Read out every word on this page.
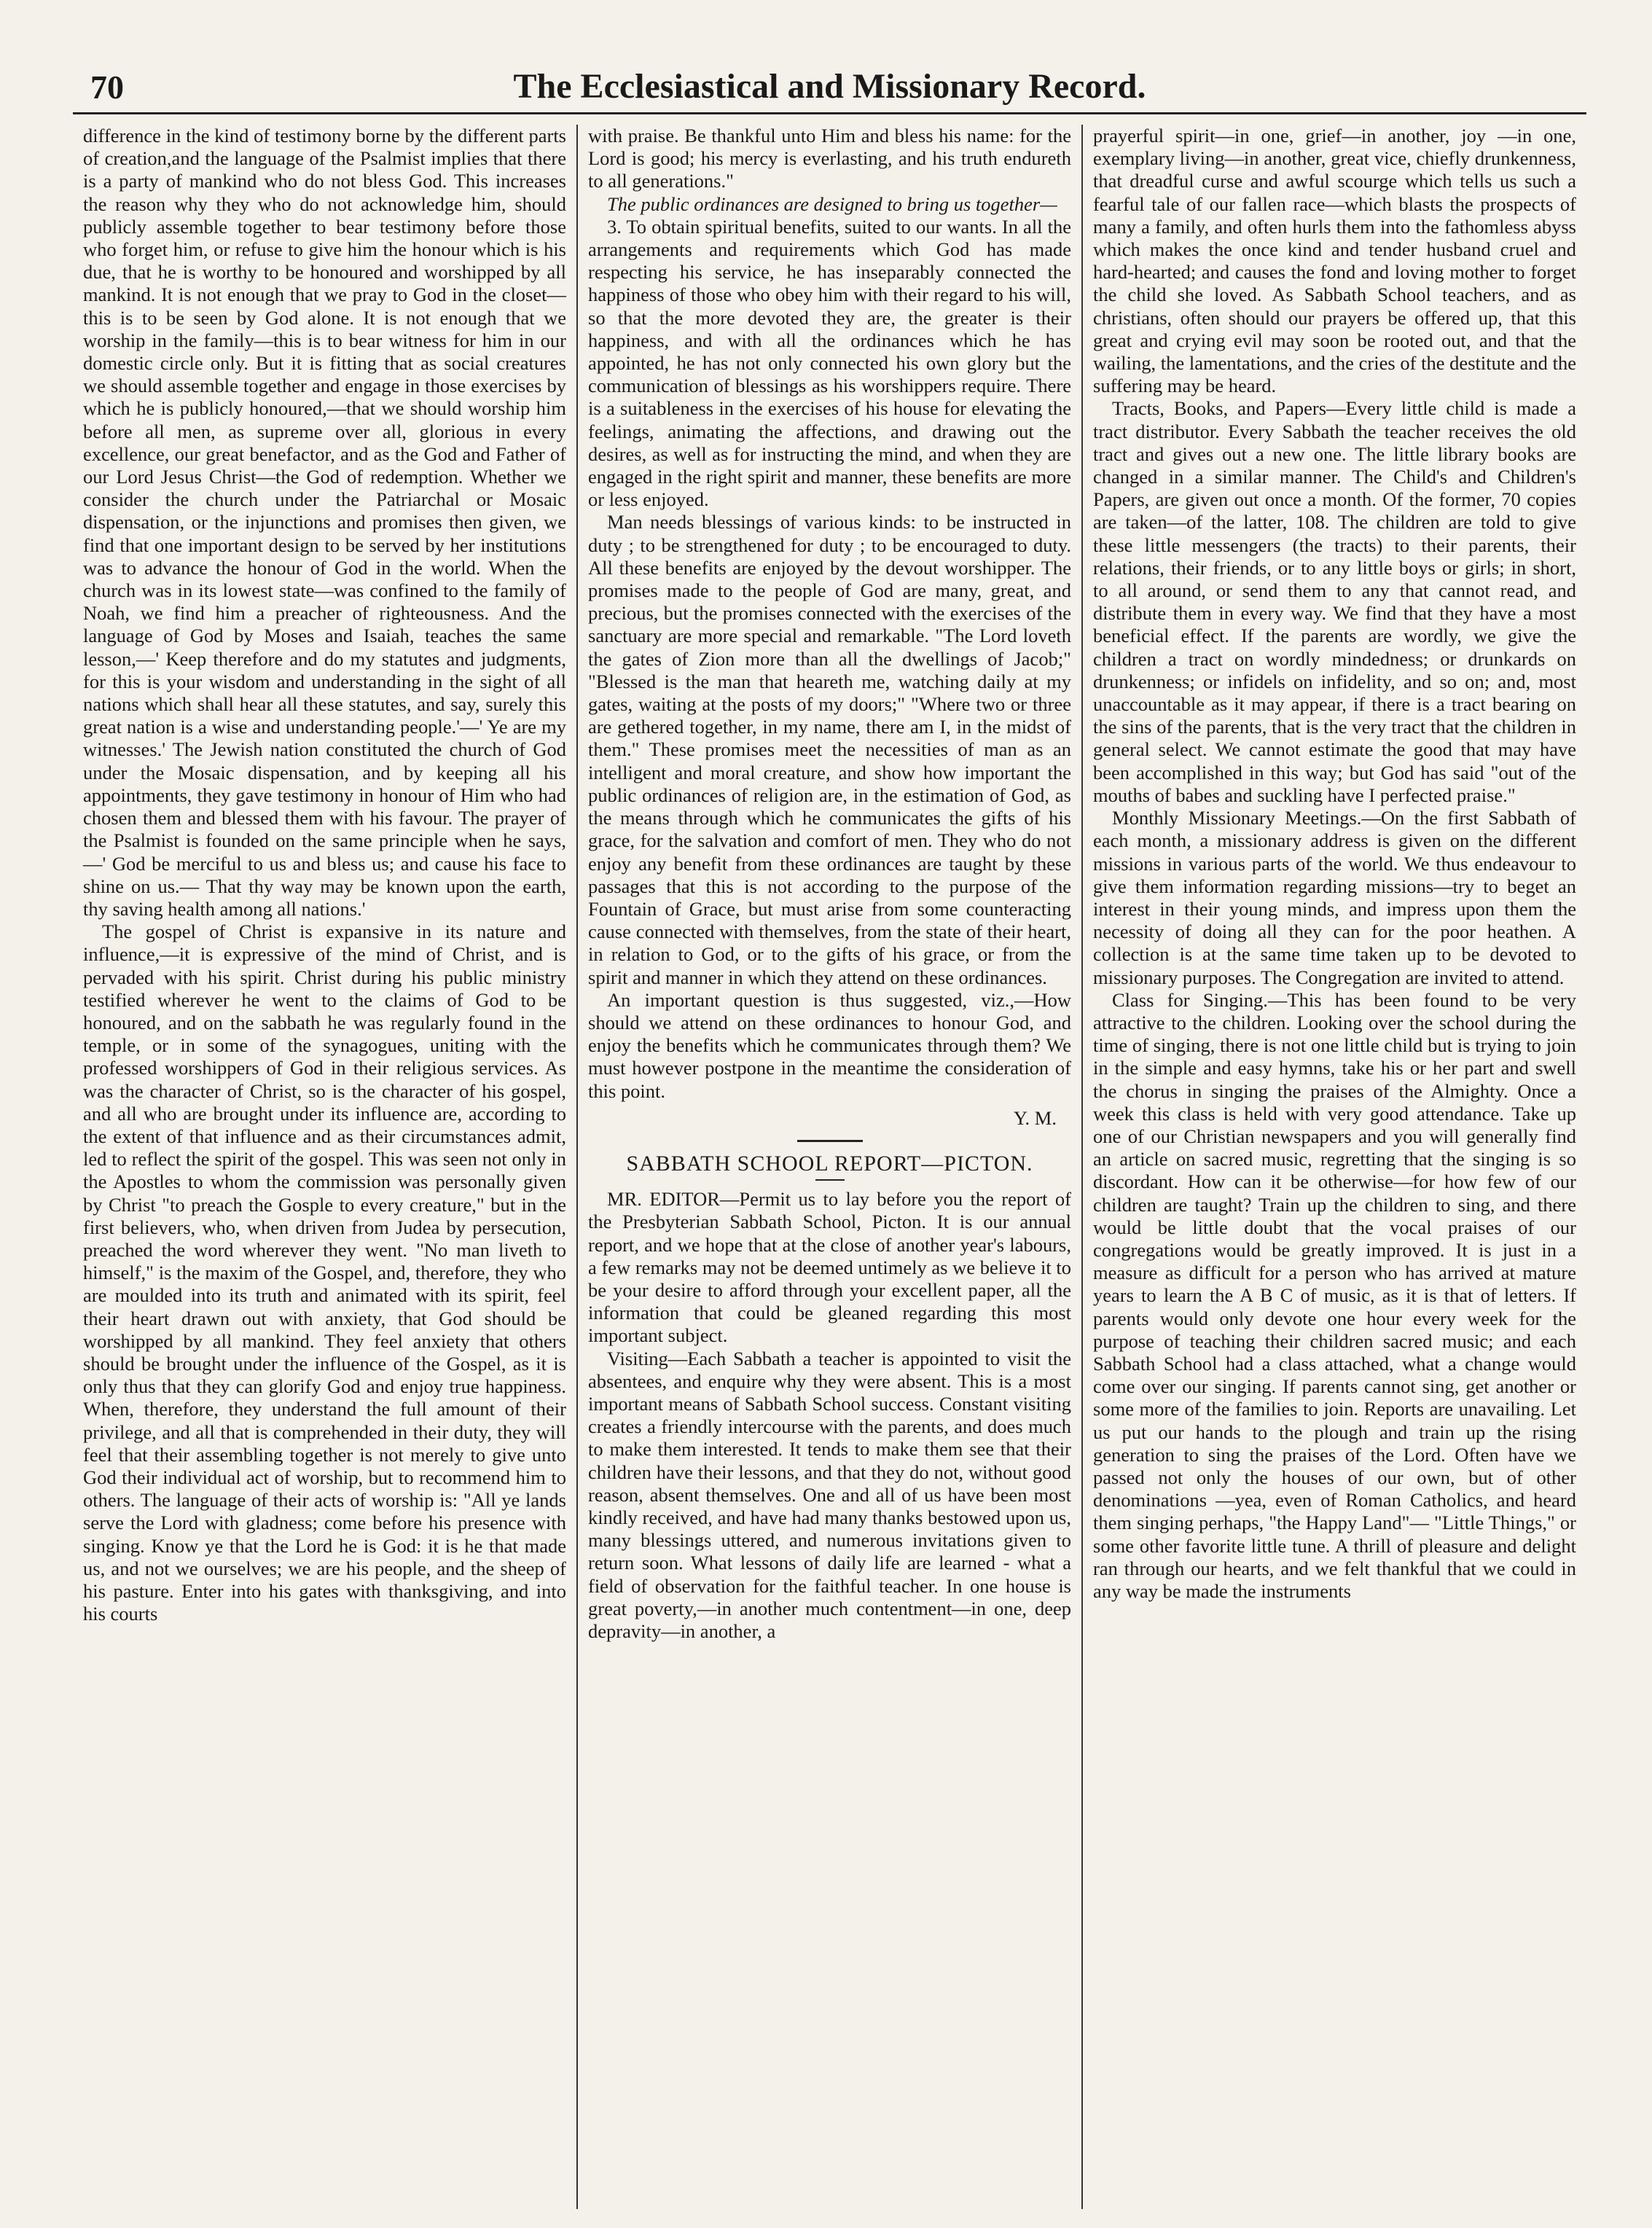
70	The Ecclesiastical and Missionary Record.

difference in the kind of testimony borne by the different parts of creation,and the language of the Psalmist implies that there is a party of mankind who do not bless God. This increases the reason why they who do not acknowledge him, should publicly assemble together to bear testimony before those who forget him, or refuse to give him the honour which is his due, that he is worthy to be honoured and worshipped by all mankind. It is not enough that we pray to God in the closet—this is to be seen by God alone. It is not enough that we worship in the family—this is to bear witness for him in our domestic circle only. But it is fitting that as social creatures we should assemble together and engage in those exercises by which he is publicly honoured,—that we should worship him before all men, as supreme over all, glorious in every excellence, our great benefactor, and as the God and Father of our Lord Jesus Christ—the God of redemption. Whether we consider the church under the Patriarchal or Mosaic dispensation, or the injunctions and promises then given, we find that one important design to be served by her institutions was to advance the honour of God in the world. When the church was in its lowest state—was confined to the family of Noah, we find him a preacher of righteousness. And the language of God by Moses and Isaiah, teaches the same lesson,—' Keep therefore and do my statutes and judgments, for this is your wisdom and understanding in the sight of all nations which shall hear all these statutes, and say, surely this great nation is a wise and understanding people.'—' Ye are my witnesses.' The Jewish nation constituted the church of God under the Mosaic dispensation, and by keeping all his appointments, they gave testimony in honour of Him who had chosen them and blessed them with his favour. The prayer of the Psalmist is founded on the same principle when he says,—' God be merciful to us and bless us; and cause his face to shine on us.— That thy way may be known upon the earth, thy saving health among all nations.'

The gospel of Christ is expansive in its nature and influence,—it is expressive of the mind of Christ, and is pervaded with his spirit. Christ during his public ministry testified wherever he went to the claims of God to be honoured, and on the sabbath he was regularly found in the temple, or in some of the synagogues, uniting with the professed worshippers of God in their religious services. As was the character of Christ, so is the character of his gospel, and all who are brought under its influence are, according to the extent of that influence and as their circumstances admit, led to reflect the spirit of the gospel. This was seen not only in the Apostles to whom the commission was personally given by Christ "to preach the Gosple to every creature," but in the first believers, who, when driven from Judea by persecution, preached the word wherever they went. "No man liveth to himself," is the maxim of the Gospel, and, therefore, they who are moulded into its truth and animated with its spirit, feel their heart drawn out with anxiety, that God should be worshipped by all mankind. They feel anxiety that others should be brought under the influence of the Gospel, as it is only thus that they can glorify God and enjoy true happiness. When, therefore, they understand the full amount of their privilege, and all that is comprehended in their duty, they will feel that their assembling together is not merely to give unto God their individual act of worship, but to recommend him to others. The language of their acts of worship is: "All ye lands serve the Lord with gladness; come before his presence with singing. Know ye that the Lord he is God: it is he that made us, and not we ourselves; we are his people, and the sheep of his pasture. Enter into his gates with thanksgiving, and into his courts

with praise. Be thankful unto Him and bless his name: for the Lord is good; his mercy is everlasting, and his truth endureth to all generations."

The public ordinances are designed to bring us together—

3. To obtain spiritual benefits, suited to our wants. In all the arrangements and requirements which God has made respecting his service, he has inseparably connected the happiness of those who obey him with their regard to his will, so that the more devoted they are, the greater is their happiness, and with all the ordinances which he has appointed, he has not only connected his own glory but the communication of blessings as his worshippers require. There is a suitableness in the exercises of his house for elevating the feelings, animating the affections, and drawing out the desires, as well as for instructing the mind, and when they are engaged in the right spirit and manner, these benefits are more or less enjoyed.

Man needs blessings of various kinds: to be instructed in duty ; to be strengthened for duty ; to be encouraged to duty. All these benefits are enjoyed by the devout worshipper. The promises made to the people of God are many, great, and precious, but the promises connected with the exercises of the sanctuary are more special and remarkable. "The Lord loveth the gates of Zion more than all the dwellings of Jacob;" "Blessed is the man that heareth me, watching daily at my gates, waiting at the posts of my doors;" "Where two or three are gethered together, in my name, there am I, in the midst of them." These promises meet the necessities of man as an intelligent and moral creature, and show how important the public ordinances of religion are, in the estimation of God, as the means through which he communicates the gifts of his grace, for the salvation and comfort of men. They who do not enjoy any benefit from these ordinances are taught by these passages that this is not according to the purpose of the Fountain of Grace, but must arise from some counteracting cause connected with themselves, from the state of their heart, in relation to God, or to the gifts of his grace, or from the spirit and manner in which they attend on these ordinances.

An important question is thus suggested, viz.,—How should we attend on these ordinances to honour God, and enjoy the benefits which he communicates through them? We must however postpone in the meantime the consideration of this point.

Y. M.

SABBATH SCHOOL REPORT—PICTON.

MR. EDITOR—Permit us to lay before you the report of the Presbyterian Sabbath School, Picton. It is our annual report, and we hope that at the close of another year's labours, a few remarks may not be deemed untimely as we believe it to be your desire to afford through your excellent paper, all the information that could be gleaned regarding this most important subject.

Visiting—Each Sabbath a teacher is appointed to visit the absentees, and enquire why they were absent. This is a most important means of Sabbath School success. Constant visiting creates a friendly intercourse with the parents, and does much to make them interested. It tends to make them see that their children have their lessons, and that they do not, without good reason, absent themselves. One and all of us have been most kindly received, and have had many thanks bestowed upon us, many blessings uttered, and numerous invitations given to return soon. What lessons of daily life are learned - what a field of observation for the faithful teacher. In one house is great poverty,—in another much contentment—in one, deep depravity—in another, a

prayerful spirit—in one, grief—in another, joy —in one, exemplary living—in another, great vice, chiefly drunkenness, that dreadful curse and awful scourge which tells us such a fearful tale of our fallen race—which blasts the prospects of many a family, and often hurls them into the fathomless abyss which makes the once kind and tender husband cruel and hard-hearted; and causes the fond and loving mother to forget the child she loved. As Sabbath School teachers, and as christians, often should our prayers be offered up, that this great and crying evil may soon be rooted out, and that the wailing, the lamentations, and the cries of the destitute and the suffering may be heard.

Tracts, Books, and Papers—Every little child is made a tract distributor. Every Sabbath the teacher receives the old tract and gives out a new one. The little library books are changed in a similar manner. The Child's and Children's Papers, are given out once a month. Of the former, 70 copies are taken—of the latter, 108. The children are told to give these little messengers (the tracts) to their parents, their relations, their friends, or to any little boys or girls; in short, to all around, or send them to any that cannot read, and distribute them in every way. We find that they have a most beneficial effect. If the parents are wordly, we give the children a tract on wordly mindedness; or drunkards on drunkenness; or infidels on infidelity, and so on; and, most unaccountable as it may appear, if there is a tract bearing on the sins of the parents, that is the very tract that the children in general select. We cannot estimate the good that may have been accomplished in this way; but God has said "out of the mouths of babes and suckling have I perfected praise."

Monthly Missionary Meetings.—On the first Sabbath of each month, a missionary address is given on the different missions in various parts of the world. We thus endeavour to give them information regarding missions—try to beget an interest in their young minds, and impress upon them the necessity of doing all they can for the poor heathen. A collection is at the same time taken up to be devoted to missionary purposes. The Congregation are invited to attend.

Class for Singing.—This has been found to be very attractive to the children. Looking over the school during the time of singing, there is not one little child but is trying to join in the simple and easy hymns, take his or her part and swell the chorus in singing the praises of the Almighty. Once a week this class is held with very good attendance. Take up one of our Christian newspapers and you will generally find an article on sacred music, regretting that the singing is so discordant. How can it be otherwise—for how few of our children are taught? Train up the children to sing, and there would be little doubt that the vocal praises of our congregations would be greatly improved. It is just in a measure as difficult for a person who has arrived at mature years to learn the A B C of music, as it is that of letters. If parents would only devote one hour every week for the purpose of teaching their children sacred music; and each Sabbath School had a class attached, what a change would come over our singing. If parents cannot sing, get another or some more of the families to join. Reports are unavailing. Let us put our hands to the plough and train up the rising generation to sing the praises of the Lord. Often have we passed not only the houses of our own, but of other denominations —yea, even of Roman Catholics, and heard them singing perhaps, "the Happy Land"— "Little Things," or some other favorite little tune. A thrill of pleasure and delight ran through our hearts, and we felt thankful that we could in any way be made the instruments
